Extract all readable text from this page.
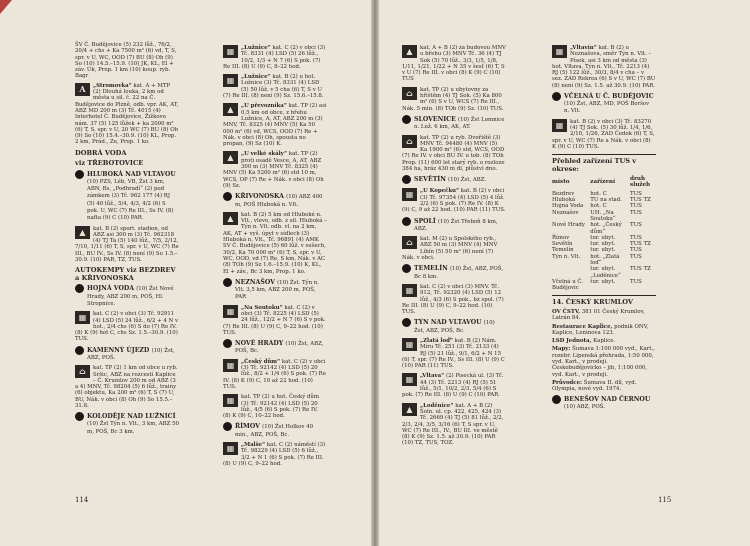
ŠV Č. Budějovice (5) 232 lůž., 76/2, 20/4 + chs + Ka 7500 m² (6) vd, T, S, spr. v U, WC, OOD (7) BU (8) Oh (9) So (10) 14.5.–15.9. (10) JK, KL, El + záv. Úk, Prop. 1 km (10) koup. ryb. Bagr

A	„Stromovka“ kat. A + MTP (2) Dlouhá louka, 2 km od města u sil. č. 22 na Č. Budějovice do Plzně, odb. vpr. AK, AT, ABZ MD 200 m (3) Tč. 4015 (4) Interhotel Č. Budějovice, Žižkovo nám. 37 (5) 125 lůžek + ka 2000 m² (6) T, S, spr. v U, 20 WC (7) BU (8) Oh (9) So (10) 15.4.–30.9. (10) KL, Prop. 2 km, Prád., Ze, Prop. 1 ko.
DOBRÁ VODA
viz TŘEBOTOVICE
HLUBOKÁ NAD VLTAVOU (10) PZS, Léb, VB, Žst 3 km, ABN, Bs, „Podhradí“ (2) pod zámkem (3) Tč. 962 177 (4) RJ (5) 40 lůž., 5/4, 4/3, 4/2 (6) S pok. U, WC (7) Re III., Ss IV. (8) nafta (9) C (10) PAR.
▲	kat. B (2) sport. stadion, od ABZ asi 300 m (3) Tč. 962318 (4) TJ Ta (5) 140 lůž., 7/5, 2/12, 7/10, 1/11 (6) T, S, spr. v U, WC (7) Re III., BU IV., Ss IV. (8) není (9) So 1.5.–30.9. (10) PAR, TZ, TUS.
AUTOKEMPY viz BEZDREV a KŘIVONOSKA
HOJNÁ VODA (10) Žst Nové Hrady, ABZ 200 m, POŠ, Hl. Stropnice.
▦	kat. C (2) v obci (3) Tč. 92911 (4) LSD (5) 24 lůž., 6/2 + 4 N v hot., 2/4 chs (6) S do (7) Re IV. (8) K (9) hot C, chs Sz. 1.5.–30.9. (10) TUS.
KAMENNÝ ÚJEZD (10) Žst, ABZ, POŠ.
⌂	kat. TP (2) 1 km od obce u ryb. Sršic, ABZ na rozcestí Kaplice – Č. Krumlov 200 m od ABZ (3 a 4) MNV, Tč. 98204 (5) 6 lůž., trainy (6) objektu, Ka 200 m² (6) T, S (7) U, BU, Nák. v obci (8) Oh (9) So 15.5.–31.8.
KOLODĚJE NAD LUŽNICÍ (10) Žst Týn n. Vlt., 3 km, ABZ 50 m, POŠ, Bc 3 km.
▦	„Lužnice“ kat. C (2) v obci (3) Tč. 8331 (4) LSD (5) 26 lůž., 10/2, 1/3 + N 7 (6) S pok. (7) Re III. (8) U (9) C, 8–22 hod.
▦	„Lužnice“ kat. B (2) u hot. Lužnice (3) Tč. 8331 (4) LSD (5) 50 lůž. v 5 cha (6) T, S v U (7) Re III. (8) není (9) Sz. 15.6.–15.8.
▲	„U převozníka“ kat. TP (2) asi 0,5 km od obce, z břehu Lužnice, A, AT, ABZ 200 m (3) MNV, Tč. 8325 (4) MNV (5) Ka 50 000 m² (6) vd, WCS, OOD (7) Re + Nák. v obci (8) Oh, spousta no propan, (9) Sz (10) K.
▲	„U velké skály“ kat. TP (2) proti osadě Vesce, A, AT, ABZ 300 m (3) MNV Tč. 8325 (4) MNV (5) Ka 5200 m² (6) std 10 m, WCS, OP (7) Re + Nák. v obci (8) Oh (9) Sz.
KŘIVONOSKA (10) ABZ 400 m, POŠ Hluboká n. Vlt.
▲	kat. B (2) 5 km od Hluboké n. Vlt., vlevo, odb. z sil. Hluboká – Týn n. Vlt. odb. vl. na 2 km, AK, AT + vyš. úpyt v sídlech (3) Hluboká n. Vlt., Tč. 96891 (4) AMK SV Č. Budějovice (5) 60 lůž. v sušech, 30/2, Ka 70 000 m² (6) T, S, spr. v U, WC, OOD, vd (7) Re, S km, Nák. v AC (8) TOh (9) Sz 1.6.–15.9. (10) K, KL, El + záv., Bc 3 km, Prop. 1 ko.
NEZNAŠOV (10) Žst. Týn n. Vlt. 3,5 km, ABZ 200 m, POŠ, PAR
▦	„Na Soutoku“ kat. C (2) v obci (3) Tč. 8225 (4) LSD (5) 24 lůž., 12/2 + N 7 (6) S v pok. (7) Re III. (8) U (9) C, 9–22 hod. (10) TUS.
NOVÉ HRADY (10) Žst, ABZ, POŠ, Bc.
▦	„Český dům“ kat. C (2) v obci (3) Tč. 92142 (4) LSD (5) 20 lůž., 8/2 + 1/4 (6) S pok. (7) Re IV. (8) K (9) C, 10 až 22 hod. (10) TUS.
▦	kat. TP (2) u hot. Český dům (3) Tč. 92142 (4) LSD (5) 20 lůž., 4/5 (6) S pok. (7) Re IV. (8) K (9) C, 10–22 hod.
ŘÍMOV (10) Žst Holkov 40 min., ABZ, POŠ, Bc.
▦	„Malše“ kat. C (2) náměstí (3) Tč. 98229 (4) LSD (5) 6 lůž., 3/2 + N 1 (6) S pok. (7) Re III. (8) U (9) C, 9–22 hod.
▲	kat. A + B (2) za budovou MNV u břehu (3) MNV Tč. 36 (4) TJ Sok (5) 70 lůž., 3/3, 1/5, 1/8, 1/11, 1/21, 1/22 + N 35 v šesť (6) T, S v U (7) Re III. v obci (8) K (9) C (10) TUS
⌂	kat. TP (2) u ubytovny za hřištěm (4) TJ Sok. (5) Ka 800 m² (6) S v U, WCS (7) Re III., Nák. 5 min. (8) TOh (9) Sz. (10) TUS.
SLOVENICE (10) Žst Lomnice n. Luž. 6 km, AK, AT.
⌂	kat. TP (2) u ryb. Dvořiště (3) MNV Tč. 94480 (4) MNV (5) Ka 1900 m² (6) std, WCS, OOD (7) Re IV. v obci BU IV. u tob. (8) TOh Prop. (11) 600 let starý ryb. o rozloze 384 ha, hráz 430 m dl, plůství dno.
SEVĚTÍN (10) Žst, ABZ.
▦	„U Kopečku“ kat. B (2) v obci (3) Tč. 97354 (4) LSD (5) 4 lůž. 2/2 (6) S pok. (7) Re IV. (8) K (9) C, 9 až 22 hod. (10) PAR (11) TUS.
SPOLÍ (10) Žst Třeboň 8 km, ABZ.
⌂	kat. M (2) u Spolského ryb., ABZ 50 m (3) MNV (4) MNV Líbín (5) 50 m² (6) není (7) Nák. v obci.
TEMELÍN (10) Žst, ABZ, POŠ, Bc 8 km.
▦	kat. C (2) v obci (3) MNV. Tč. 912, Tč. 92320 (4) LSD (5) 12 lůž., 4/3 (6) S pok., bz spol. (7) Re III. (8) U (9) C, 9–22 hod. (10) TUS.
TÝN NAD VLTAVOU (10) Žst, ABZ, POŠ, Bc.
▦	„Zlatá loď“ kat. B (2) Nám. Míru Tč. 251 (3) Tč. 2133 (4) RJ (5) 21 lůž., 9/1, 6/2 + N 15 (6) T, spr. (7) Re IV., Ss III. (8) U (9) C (10) PAR (11) TUS.
▦	„Vltava“ (2) Pisecká ul. (3) Tč. 44 (3) Tč. 2213 (4) RJ (5) 51 lůž., 5/1, 10/2, 2/3, 5/4 (6) S pok. (7) Re III. (8) U (9) C (10) PAR.
▲	„Loděnice“ kat. A + B (2) Šoln. ul. cp. 422, 425, 424 (3) Tč. 2669 (4) TJ (5) 81 lůž., 2/2, 2/3, 2/4, 3/5, 3/16 (6) T, S spr. v U, WC (7) Re III., IV., BU III. ve městě (8) K (9) Sz. 1.5. až 30.9. (10) PAR (10) TZ, TUS, TOZ.
▦	„Vltavín“ kat. B (2) u Neznašova, směr Týn n. Vlt. – Písek, asi 3 km od města (3) hot. Vltava, Týn n. Vlt., Tč. 2213 (4) RJ (5) 122 lůž., 30/3, 8/4 v cha – v sez. ZAD Rekrea (6) S v U, WC (7) BU (8) není (9) Sz. 1.5. až 30.9. (10) PAR.
VČELNÁ U Č. BUDĚJOVIC (10) Žst, ABZ, MD, POŠ Boršov n. Vlt.
▦	kat. B (2) v obci (3) Tč. 83270 (4) TJ Sok. (5) 30 lůž. 1/4, 1/6, 2/10, 1/26, ZAD Čedok (6) T, S, spr. v U, WC (7) Re a Nák. v obci (8) K (9) C (10) TUS.
Přehled zařízení TUS v okrese:
místo	zařízení	druh služeb
Bezdrev	hot. C	TUS
Hluboká	TU na stad.	TUS TZ
Hojná Voda	hot. C	TUS
Neznašov	UH. „Na Soutoku“	TUS
Nové Hrady	hot. „Český dům“	TUS
Římov	tur. ubyt.	TUS
Sevětín	tur. ubyt.	TUS TZ
Temelín	tur. ubyt.	TUS
Týn n. Vlt.	hot. „Zlatá loď“	TUS
	tur. ubyt. „Loděnice“	TUS TZ
Včelná u Č. Budějovic	tur. ubyt.	TUS
14. ČESKÝ KRUMLOV

OV ČSTV, 381 01 Český Krumlov, Latrán 84.

Restaurace Kaplice, podnik ONV, Kaplice, Leninova 123.

LSD Jednota, Kaplice.

Mapy: Šumava 1:100 000 vyd., Kart., rozebr. Lipenská přehrada, 1:50 000, vyd. Kart., v prodeji. Českobudějovicko – jih, 1:100 000, vyd. Kart., v prodeji.

Průvodce: Šumava II. díl, vyd. Olympia, nové vyd. 1974.

BENEŠOV NAD ČERNOU (10) ABZ, POŠ.
114	115
